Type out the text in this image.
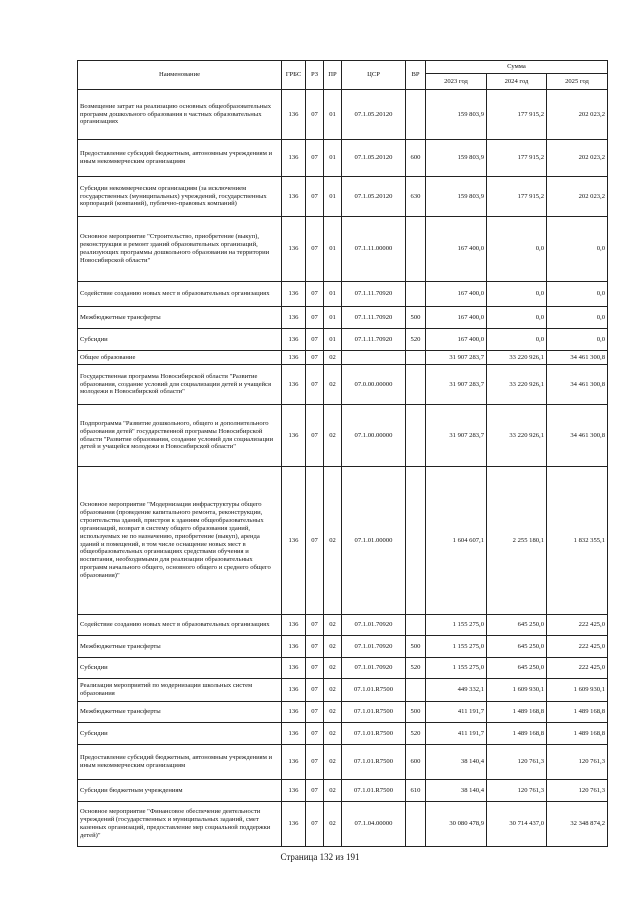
Наименование	ГРБС	РЗ	ПР	ЦСР	ВР	Сумма		
						2023 год	2024 год	2025 год
Возмещение затрат на реализацию основных общеобразовательных программ дошкольного образования в частных образовательных организациях	136	07	01	07.1.05.20120		159 803,9	177 915,2	202 023,2
Предоставление субсидий бюджетным, автономным учреждениям и иным некоммерческим организациям	136	07	01	07.1.05.20120	600	159 803,9	177 915,2	202 023,2
Субсидии некоммерческим организациям (за исключением государственных (муниципальных) учреждений, государственных корпораций (компаний), публично-правовых компаний)	136	07	01	07.1.05.20120	630	159 803,9	177 915,2	202 023,2
Основное мероприятие "Строительство, приобретение (выкуп), реконструкция и ремонт зданий образовательных организаций, реализующих программы дошкольного образования на территории Новосибирской области"	136	07	01	07.1.11.00000		167 400,0	0,0	0,0
Содействие созданию новых мест в образовательных организациях	136	07	01	07.1.11.70920		167 400,0	0,0	0,0
Межбюджетные трансферты	136	07	01	07.1.11.70920	500	167 400,0	0,0	0,0
Субсидии	136	07	01	07.1.11.70920	520	167 400,0	0,0	0,0
Общее образование	136	07	02			31 907 283,7	33 220 926,1	34 461 300,8
Государственная программа Новосибирской области "Развитие образования, создание условий для социализации детей и учащейся молодежи в Новосибирской области"	136	07	02	07.0.00.00000		31 907 283,7	33 220 926,1	34 461 300,8
Подпрограмма "Развитие дошкольного, общего и дополнительного образования детей" государственной программы Новосибирской области "Развитие образования, создание условий для социализации детей и учащейся молодежи в Новосибирской области"	136	07	02	07.1.00.00000		31 907 283,7	33 220 926,1	34 461 300,8
Основное мероприятие "Модернизация инфраструктуры общего образования (проведение капитального ремонта, реконструкции, строительства зданий, пристроя к зданиям общеобразовательных организаций, возврат в систему общего образования зданий, используемых не по назначению, приобретение (выкуп), аренда зданий и помещений, в том числе оснащение новых мест в общеобразовательных организациях средствами обучения и воспитания, необходимыми для реализации образовательных программ начального общего, основного общего и среднего общего образования)"	136	07	02	07.1.01.00000		1 604 607,1	2 255 180,1	1 832 355,1
Содействие созданию новых мест в образовательных организациях	136	07	02	07.1.01.70920		1 155 275,0	645 250,0	222 425,0
Межбюджетные трансферты	136	07	02	07.1.01.70920	500	1 155 275,0	645 250,0	222 425,0
Субсидии	136	07	02	07.1.01.70920	520	1 155 275,0	645 250,0	222 425,0
Реализация мероприятий по модернизации школьных систем образования	136	07	02	07.1.01.R7500		449 332,1	1 609 930,1	1 609 930,1
Межбюджетные трансферты	136	07	02	07.1.01.R7500	500	411 191,7	1 489 168,8	1 489 168,8
Субсидии	136	07	02	07.1.01.R7500	520	411 191,7	1 489 168,8	1 489 168,8
Предоставление субсидий бюджетным, автономным учреждениям и иным некоммерческим организациям	136	07	02	07.1.01.R7500	600	38 140,4	120 761,3	120 761,3
Субсидии бюджетным учреждениям	136	07	02	07.1.01.R7500	610	38 140,4	120 761,3	120 761,3
Основное мероприятие "Финансовое обеспечение деятельности учреждений (государственных и муниципальных заданий, смет казенных организаций, предоставление мер социальной поддержки детей)"	136	07	02	07.1.04.00000		30 080 478,9	30 714 437,0	32 348 874,2
Страница 132 из 191
